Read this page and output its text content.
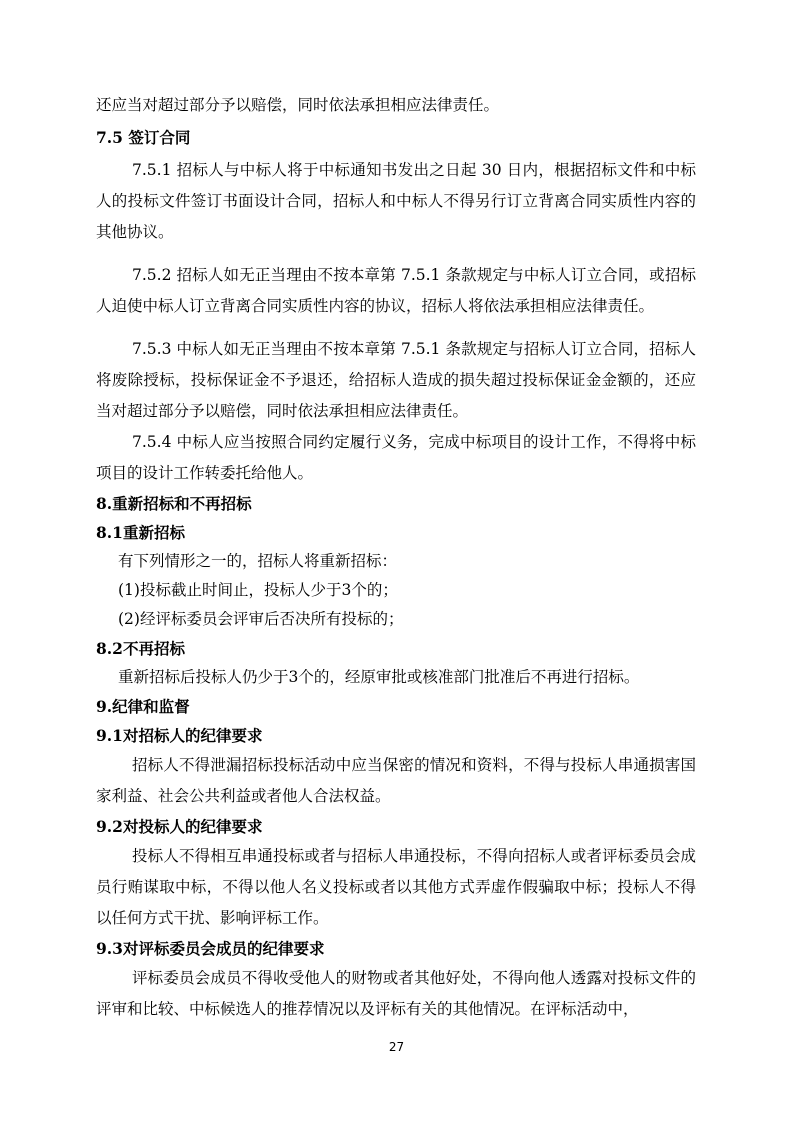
还应当对超过部分予以赔偿，同时依法承担相应法律责任。

7.5 签订合同

7.5.1 招标人与中标人将于中标通知书发出之日起 30 日内，根据招标文件和中标人的投标文件签订书面设计合同，招标人和中标人不得另行订立背离合同实质性内容的其他协议。

7.5.2 招标人如无正当理由不按本章第 7.5.1 条款规定与中标人订立合同，或招标人迫使中标人订立背离合同实质性内容的协议，招标人将依法承担相应法律责任。

7.5.3 中标人如无正当理由不按本章第 7.5.1 条款规定与招标人订立合同，招标人将废除授标，投标保证金不予退还，给招标人造成的损失超过投标保证金金额的，还应当对超过部分予以赔偿，同时依法承担相应法律责任。

7.5.4 中标人应当按照合同约定履行义务，完成中标项目的设计工作，不得将中标项目的设计工作转委托给他人。

8.重新招标和不再招标

8.1重新招标

有下列情形之一的，招标人将重新招标：

(1)投标截止时间止，投标人少于3个的；

(2)经评标委员会评审后否决所有投标的；

8.2不再招标

重新招标后投标人仍少于3个的，经原审批或核准部门批准后不再进行招标。

9.纪律和监督

9.1对招标人的纪律要求

招标人不得泄漏招标投标活动中应当保密的情况和资料，不得与投标人串通损害国家利益、社会公共利益或者他人合法权益。

9.2对投标人的纪律要求

投标人不得相互串通投标或者与招标人串通投标，不得向招标人或者评标委员会成员行贿谋取中标，不得以他人名义投标或者以其他方式弄虚作假骗取中标；投标人不得以任何方式干扰、影响评标工作。

9.3对评标委员会成员的纪律要求

评标委员会成员不得收受他人的财物或者其他好处，不得向他人透露对投标文件的评审和比较、中标候选人的推荐情况以及评标有关的其他情况。在评标活动中，

27
